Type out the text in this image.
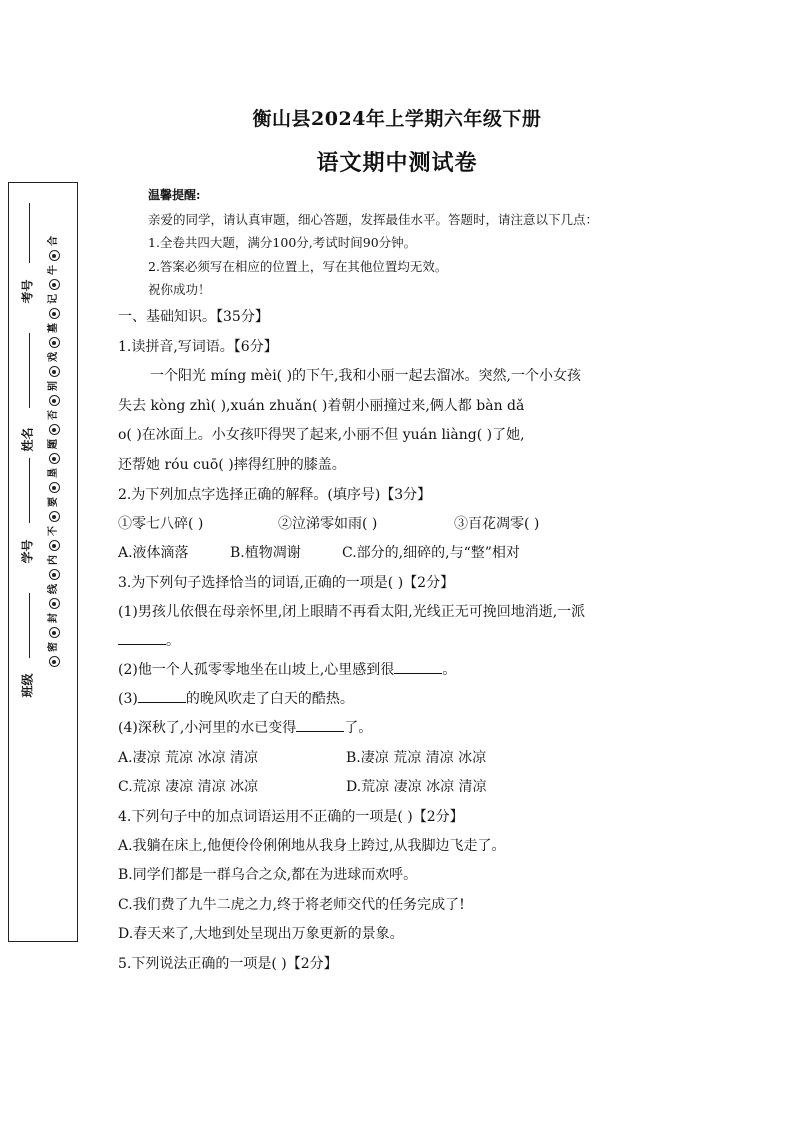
衡山县2024年上学期六年级下册
语文期中测试卷
考号
姓名
学号
班级
合
牛
记
墓
戏
别
否
题
垦
要
不
内
线
封
密
温馨提醒:
亲爱的同学，请认真审题，细心答题，发挥最佳水平。答题时，请注意以下几点：
1.全卷共四大题，满分100分,考试时间90分钟。
2.答案必须写在相应的位置上，写在其他位置均无效。
祝你成功！
一、基础知识。【35分】
1.读拼音,写词语。【6分】
一个阳光 míng mèi( )的下午,我和小丽一起去溜冰。突然,一个小女孩
失去 kòng zhì( ),xuán zhuǎn( )着朝小丽撞过来,俩人都 bàn dǎ
o( )在冰面上。小女孩吓得哭了起来,小丽不但 yuán liàng( )了她,
还帮她 róu cuō( )摔得红肿的膝盖。
2.为下列加点字选择正确的解释。(填序号)【3分】
①零七八碎( )	②泣涕零如雨( )	③百花凋零( )
A.液体滴落	B.植物凋谢	C.部分的,细碎的,与“整”相对
3.为下列句子选择恰当的词语,正确的一项是( )【2分】
(1)男孩儿依偎在母亲怀里,闭上眼睛不再看太阳,光线正无可挽回地消逝,一派
。
(2)他一个人孤零零地坐在山坡上,心里感到很	。
(3)	的晚风吹走了白天的酷热。
(4)深秋了,小河里的水已变得	了。
A.凄凉 荒凉 冰凉 清凉	B.凄凉 荒凉 清凉 冰凉
C.荒凉 凄凉 清凉 冰凉	D.荒凉 凄凉 冰凉 清凉
4.下列句子中的加点词语运用不正确的一项是( )【2分】
A.我躺在床上,他便伶伶俐俐地从我身上跨过,从我脚边飞走了。
B.同学们都是一群乌合之众,都在为进球而欢呼。
C.我们费了九牛二虎之力,终于将老师交代的任务完成了!
D.春天来了,大地到处呈现出万象更新的景象。
5.下列说法正确的一项是( )【2分】
